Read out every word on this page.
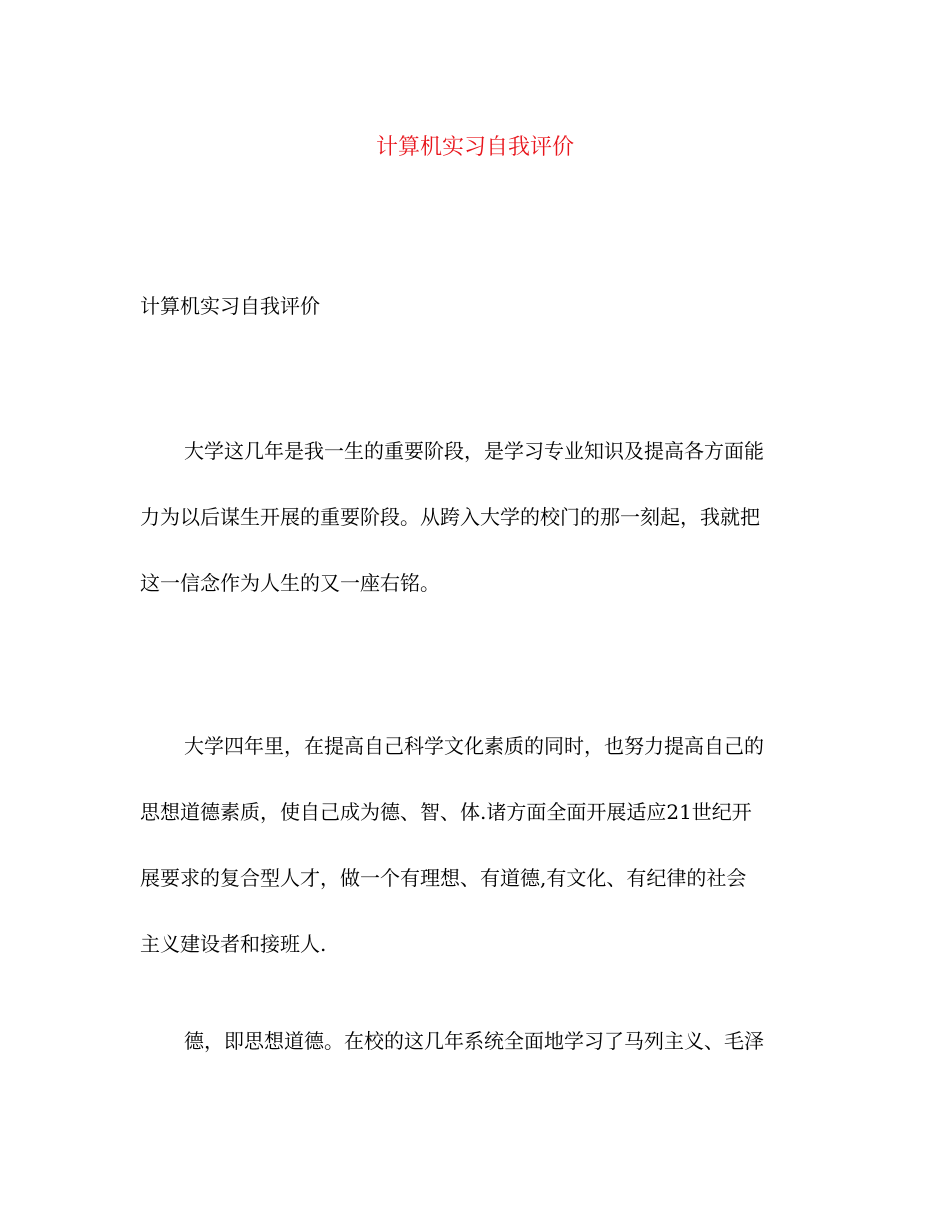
计算机实习自我评价

计算机实习自我评价

大学这几年是我一生的重要阶段，是学习专业知识及提高各方面能
力为以后谋生开展的重要阶段。从跨入大学的校门的那一刻起，我就把
这一信念作为人生的又一座右铭。

大学四年里，在提高自己科学文化素质的同时，也努力提高自己的
思想道德素质，使自己成为德、智、体.诸方面全面开展适应21世纪开
展要求的复合型人才，做一个有理想、有道德,有文化、有纪律的社会
主义建设者和接班人.

德，即思想道德。在校的这几年系统全面地学习了马列主义、毛泽
